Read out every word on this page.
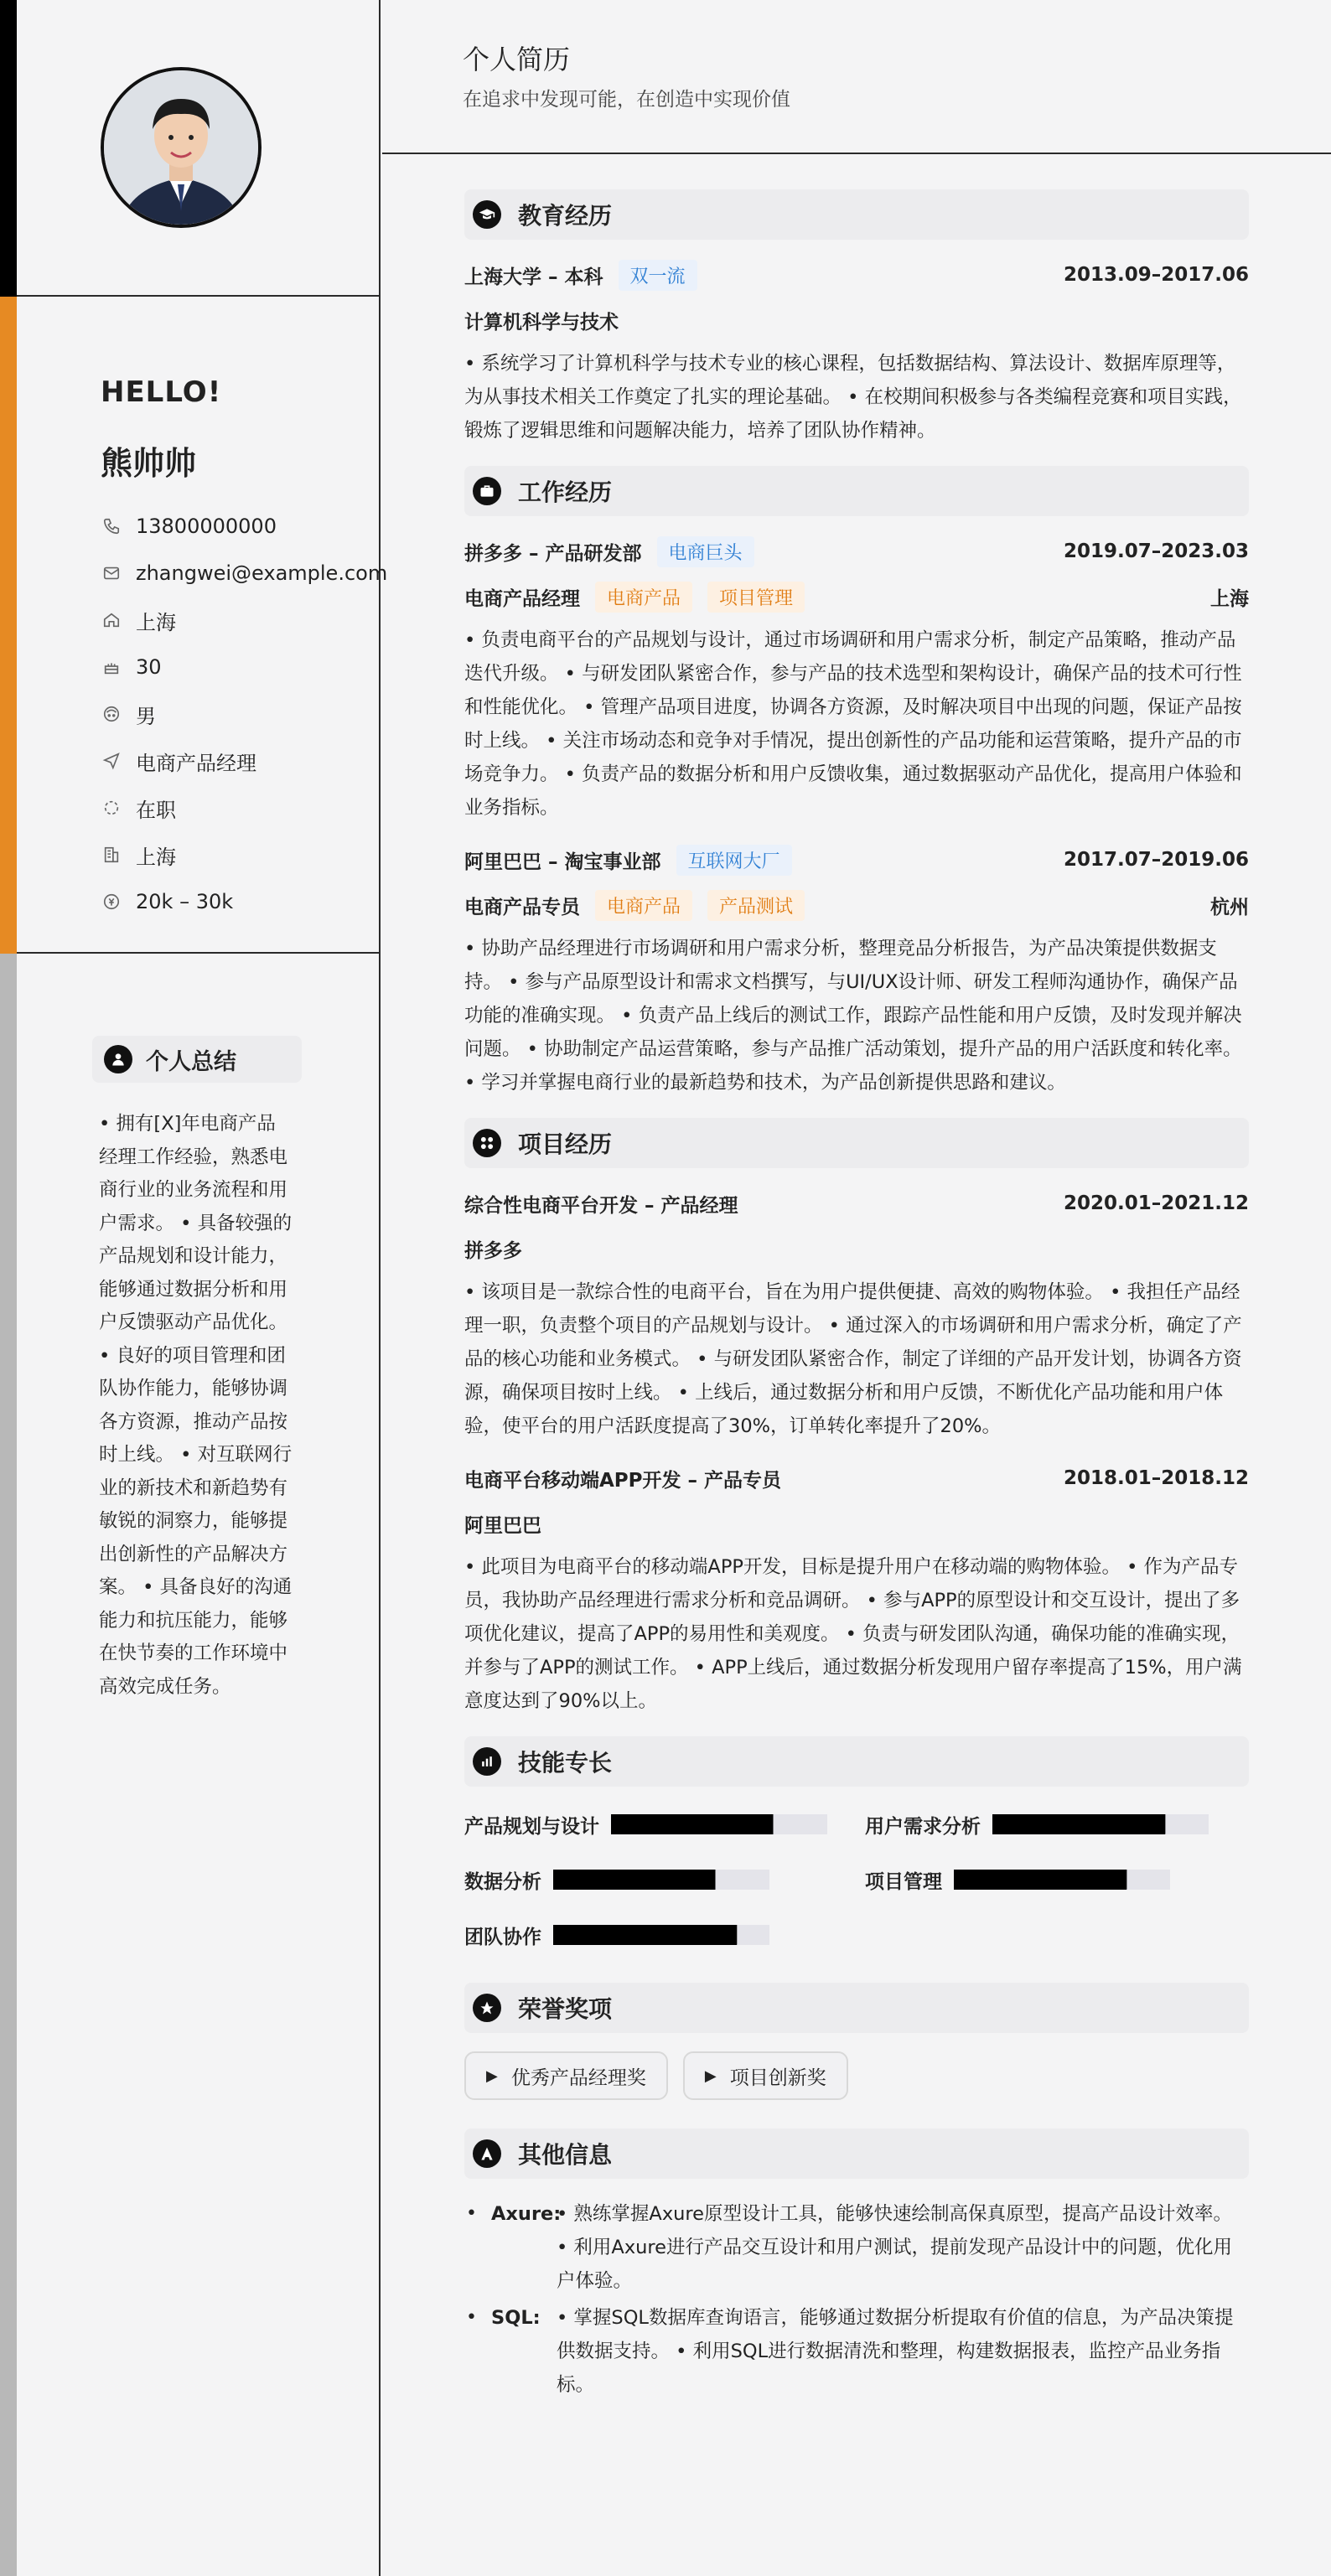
HELLO!
熊帅帅
13800000000
zhangwei@example.com
上海
30
男
电商产品经理
在职
上海
20k – 30k
个人总结
• 拥有[X]年电商产品经理工作经验，熟悉电商行业的业务流程和用户需求。 • 具备较强的产品规划和设计能力，能够通过数据分析和用户反馈驱动产品优化。 • 良好的项目管理和团队协作能力，能够协调各方资源，推动产品按时上线。 • 对互联网行业的新技术和新趋势有敏锐的洞察力，能够提出创新性的产品解决方案。 • 具备良好的沟通能力和抗压能力，能够在快节奏的工作环境中高效完成任务。
个人简历
在追求中发现可能，在创造中实现价值
教育经历
上海大学 – 本科	双一流	2013.09–2017.06
计算机科学与技术
• 系统学习了计算机科学与技术专业的核心课程，包括数据结构、算法设计、数据库原理等，为从事技术相关工作奠定了扎实的理论基础。 • 在校期间积极参与各类编程竞赛和项目实践，锻炼了逻辑思维和问题解决能力，培养了团队协作精神。
工作经历
拼多多 – 产品研发部	电商巨头	2019.07–2023.03
电商产品经理	电商产品	项目管理	上海
• 负责电商平台的产品规划与设计，通过市场调研和用户需求分析，制定产品策略，推动产品迭代升级。 • 与研发团队紧密合作，参与产品的技术选型和架构设计，确保产品的技术可行性和性能优化。 • 管理产品项目进度，协调各方资源，及时解决项目中出现的问题，保证产品按时上线。 • 关注市场动态和竞争对手情况，提出创新性的产品功能和运营策略，提升产品的市场竞争力。 • 负责产品的数据分析和用户反馈收集，通过数据驱动产品优化，提高用户体验和业务指标。
阿里巴巴 – 淘宝事业部	互联网大厂	2017.07–2019.06
电商产品专员	电商产品	产品测试	杭州
• 协助产品经理进行市场调研和用户需求分析，整理竞品分析报告，为产品决策提供数据支持。 • 参与产品原型设计和需求文档撰写，与UI/UX设计师、研发工程师沟通协作，确保产品功能的准确实现。 • 负责产品上线后的测试工作，跟踪产品性能和用户反馈，及时发现并解决问题。 • 协助制定产品运营策略，参与产品推广活动策划，提升产品的用户活跃度和转化率。 • 学习并掌握电商行业的最新趋势和技术，为产品创新提供思路和建议。
项目经历
综合性电商平台开发 – 产品经理	2020.01–2021.12
拼多多
• 该项目是一款综合性的电商平台，旨在为用户提供便捷、高效的购物体验。 • 我担任产品经理一职，负责整个项目的产品规划与设计。 • 通过深入的市场调研和用户需求分析，确定了产品的核心功能和业务模式。 • 与研发团队紧密合作，制定了详细的产品开发计划，协调各方资源，确保项目按时上线。 • 上线后，通过数据分析和用户反馈，不断优化产品功能和用户体验，使平台的用户活跃度提高了30%，订单转化率提升了20%。
电商平台移动端APP开发 – 产品专员	2018.01–2018.12
阿里巴巴
• 此项目为电商平台的移动端APP开发，目标是提升用户在移动端的购物体验。 • 作为产品专员，我协助产品经理进行需求分析和竞品调研。 • 参与APP的原型设计和交互设计，提出了多项优化建议，提高了APP的易用性和美观度。 • 负责与研发团队沟通，确保功能的准确实现，并参与了APP的测试工作。 • APP上线后，通过数据分析发现用户留存率提高了15%，用户满意度达到了90%以上。
技能专长
产品规划与设计	用户需求分析
数据分析	项目管理
团队协作
荣誉奖项
▶ 优秀产品经理奖	▶ 项目创新奖
其他信息
• Axure:
• 熟练掌握Axure原型设计工具，能够快速绘制高保真原型，提高产品设计效率。 • 利用Axure进行产品交互设计和用户测试，提前发现产品设计中的问题，优化用户体验。
• SQL: • 掌握SQL数据库查询语言，能够通过数据分析提取有价值的信息，为产品决策提供数据支持。 • 利用SQL进行数据清洗和整理，构建数据报表，监控产品业务指标。
